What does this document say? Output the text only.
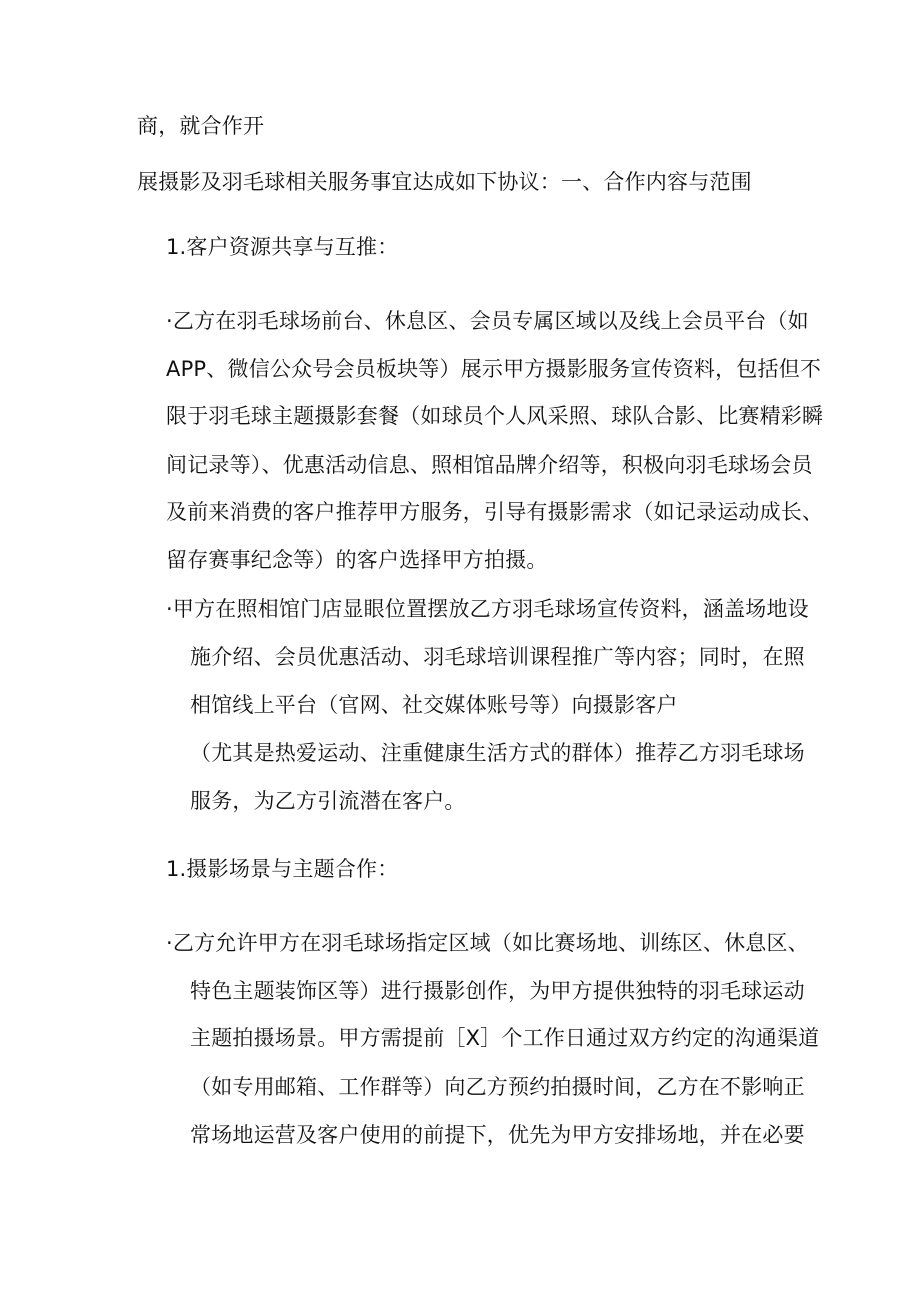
商，就合作开
展摄影及羽毛球相关服务事宜达成如下协议：一、合作内容与范围
1.客户资源共享与互推：
·乙方在羽毛球场前台、休息区、会员专属区域以及线上会员平台（如
APP、微信公众号会员板块等）展示甲方摄影服务宣传资料，包括但不
限于羽毛球主题摄影套餐（如球员个人风采照、球队合影、比赛精彩瞬
间记录等）、优惠活动信息、照相馆品牌介绍等，积极向羽毛球场会员
及前来消费的客户推荐甲方服务，引导有摄影需求（如记录运动成长、
留存赛事纪念等）的客户选择甲方拍摄。
·甲方在照相馆门店显眼位置摆放乙方羽毛球场宣传资料，涵盖场地设
施介绍、会员优惠活动、羽毛球培训课程推广等内容；同时，在照
相馆线上平台（官网、社交媒体账号等）向摄影客户
（尤其是热爱运动、注重健康生活方式的群体）推荐乙方羽毛球场
服务，为乙方引流潜在客户。
1.摄影场景与主题合作：
·乙方允许甲方在羽毛球场指定区域（如比赛场地、训练区、休息区、
特色主题装饰区等）进行摄影创作，为甲方提供独特的羽毛球运动
主题拍摄场景。甲方需提前［X］个工作日通过双方约定的沟通渠道
（如专用邮箱、工作群等）向乙方预约拍摄时间，乙方在不影响正
常场地运营及客户使用的前提下，优先为甲方安排场地，并在必要
